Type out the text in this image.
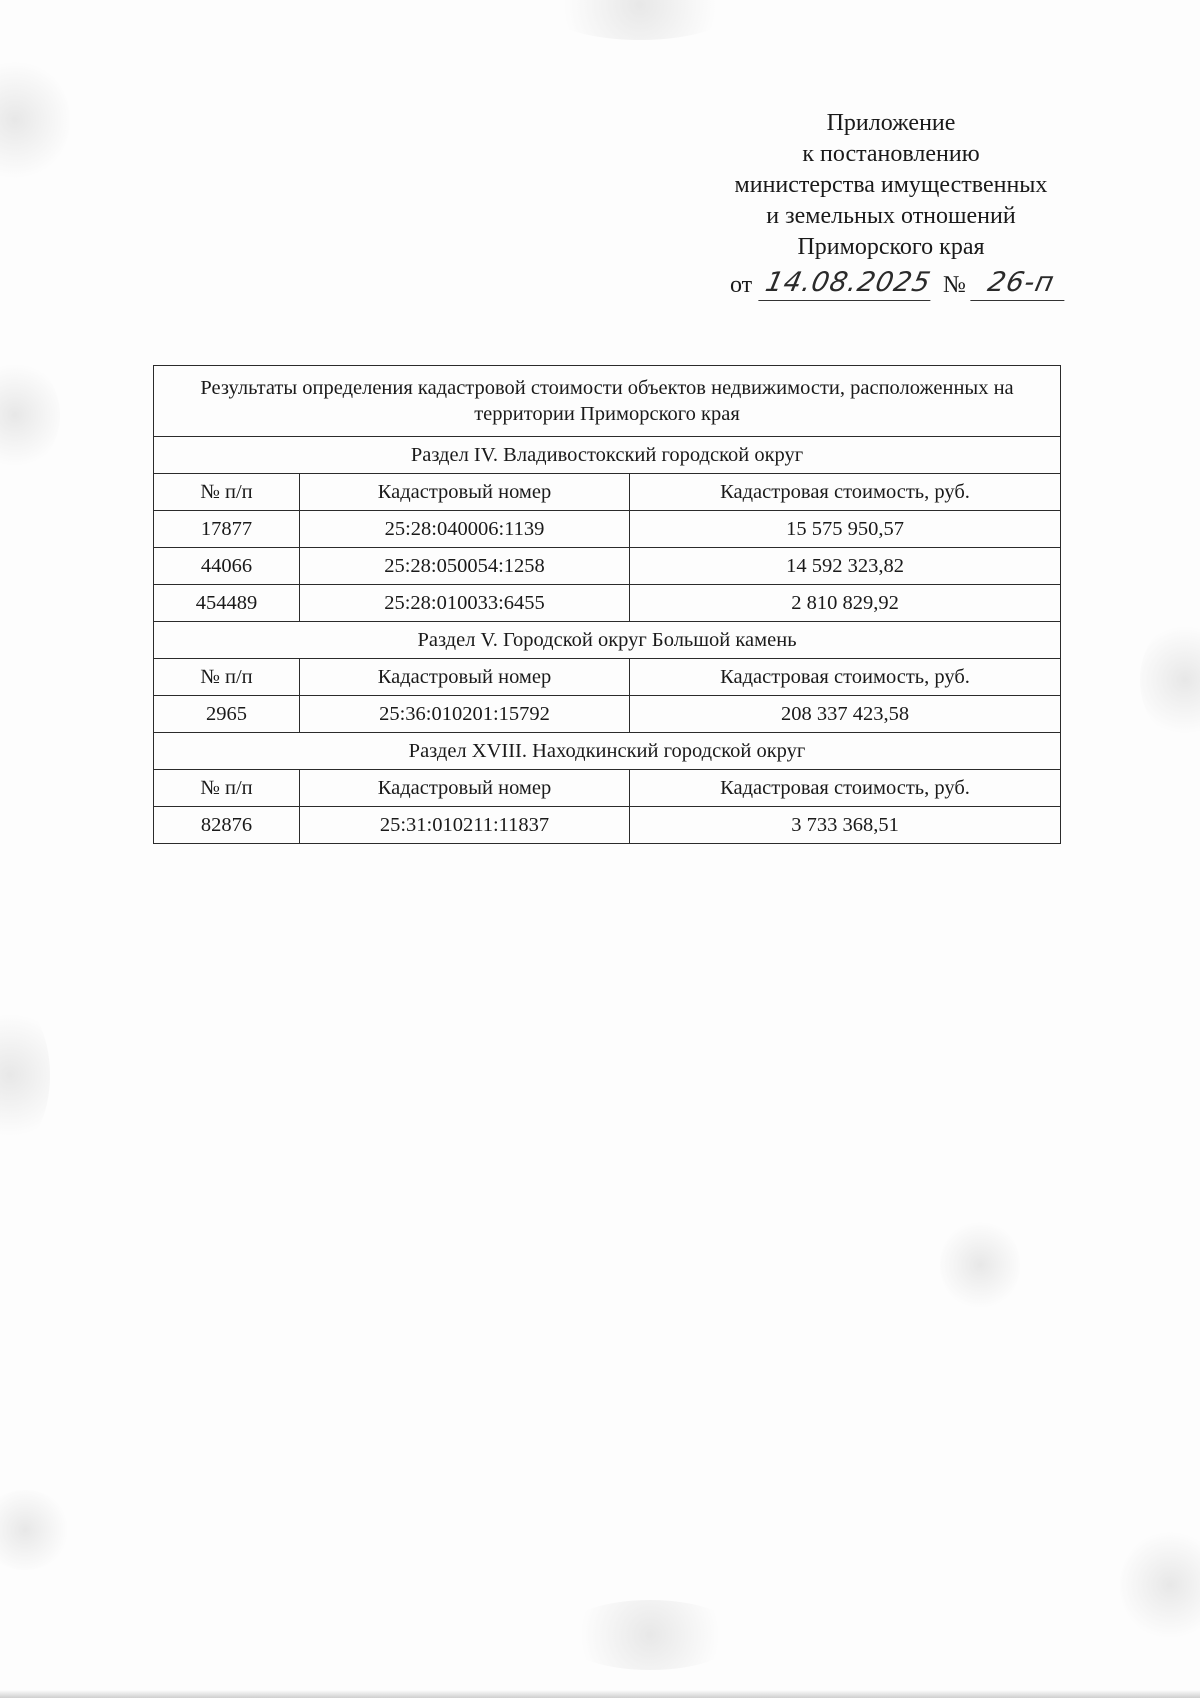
Приложение
к постановлению
министерства имущественных
и земельных отношений
Приморского края
от 14.08.2025 № 26-п
Результаты определения кадастровой стоимости объектов недвижимости, расположенных на территории Приморского края		
Раздел IV. Владивостокский городской округ		
№ п/п	Кадастровый номер	Кадастровая стоимость, руб.
17877	25:28:040006:1139	15 575 950,57
44066	25:28:050054:1258	14 592 323,82
454489	25:28:010033:6455	2 810 829,92
Раздел V. Городской округ Большой камень		
№ п/п	Кадастровый номер	Кадастровая стоимость, руб.
2965	25:36:010201:15792	208 337 423,58
Раздел XVIII. Находкинский городской округ		
№ п/п	Кадастровый номер	Кадастровая стоимость, руб.
82876	25:31:010211:11837	3 733 368,51
